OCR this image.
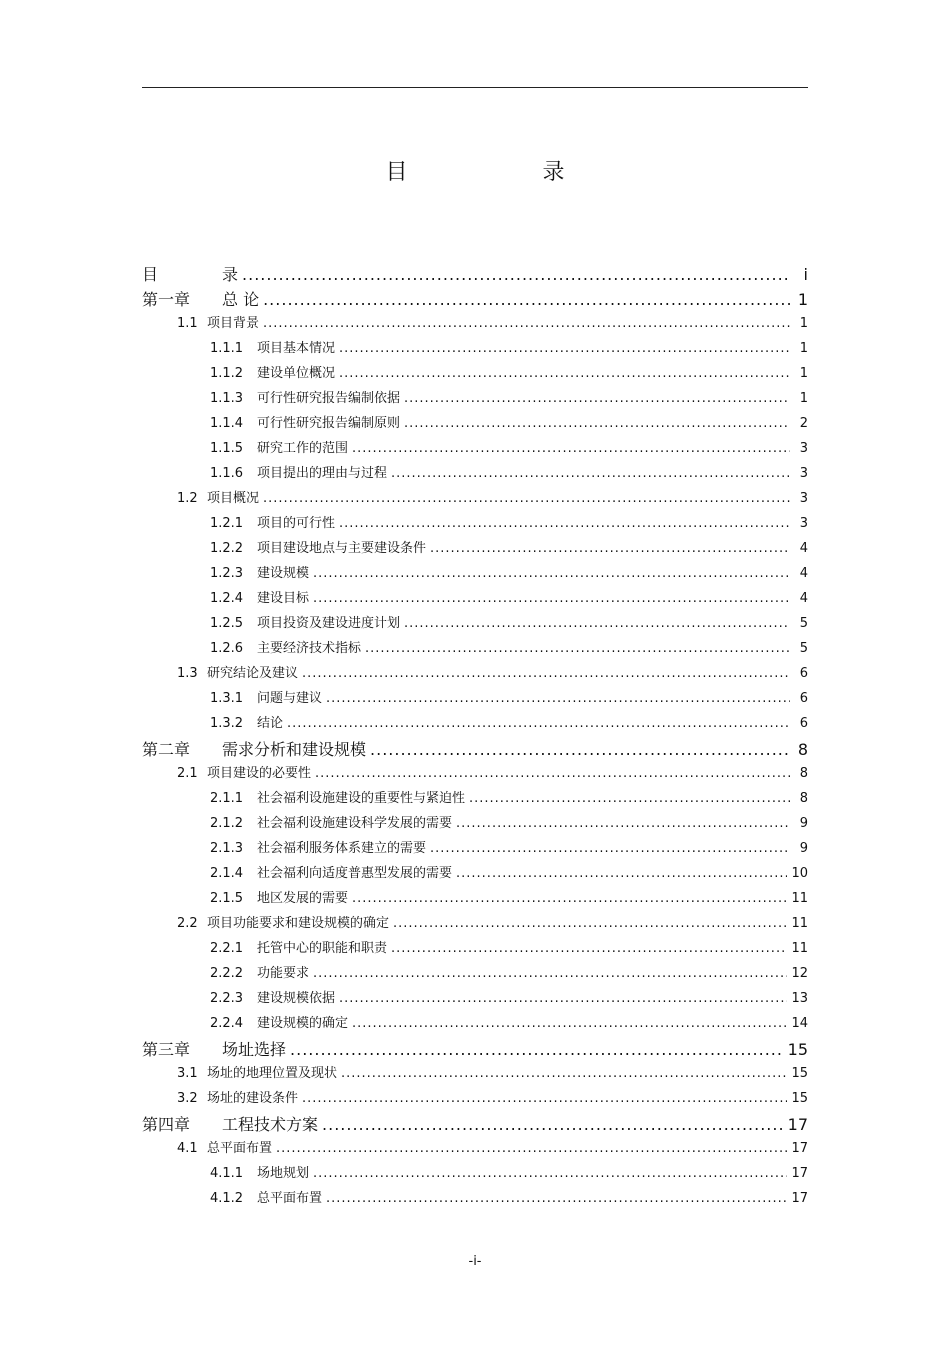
目 录
目	录 .....	i
第一章	总 论 .....	1
1.1 项目背景 .....	1
1.1.1	项目基本情况 .....	1
1.1.2	建设单位概况 .....	1
1.1.3	可行性研究报告编制依据 .....	1
1.1.4	可行性研究报告编制原则 .....	2
1.1.5	研究工作的范围 .....	3
1.1.6	项目提出的理由与过程 .....	3
1.2 项目概况 .....	3
1.2.1	项目的可行性 .....	3
1.2.2	项目建设地点与主要建设条件 .....	4
1.2.3	建设规模 .....	4
1.2.4	建设目标 .....	4
1.2.5	项目投资及建设进度计划 .....	5
1.2.6	主要经济技术指标 .....	5
1.3 研究结论及建议 .....	6
1.3.1	问题与建议 .....	6
1.3.2	结论 .....	6
第二章	需求分析和建设规模 .....	8
2.1 项目建设的必要性 .....	8
2.1.1	社会福利设施建设的重要性与紧迫性 .....	8
2.1.2	社会福利设施建设科学发展的需要 .....	9
2.1.3	社会福利服务体系建立的需要 .....	9
2.1.4	社会福利向适度普惠型发展的需要 .....	10
2.1.5	地区发展的需要 .....	11
2.2 项目功能要求和建设规模的确定 .....	11
2.2.1	托管中心的职能和职责 .....	11
2.2.2	功能要求 .....	12
2.2.3	建设规模依据 .....	13
2.2.4	建设规模的确定 .....	14
第三章	场址选择 .....	15
3.1 场址的地理位置及现状 .....	15
3.2 场址的建设条件 .....	15
第四章	工程技术方案 .....	17
4.1 总平面布置 .....	17
4.1.1	场地规划 .....	17
4.1.2	总平面布置 .....	17
-i-
